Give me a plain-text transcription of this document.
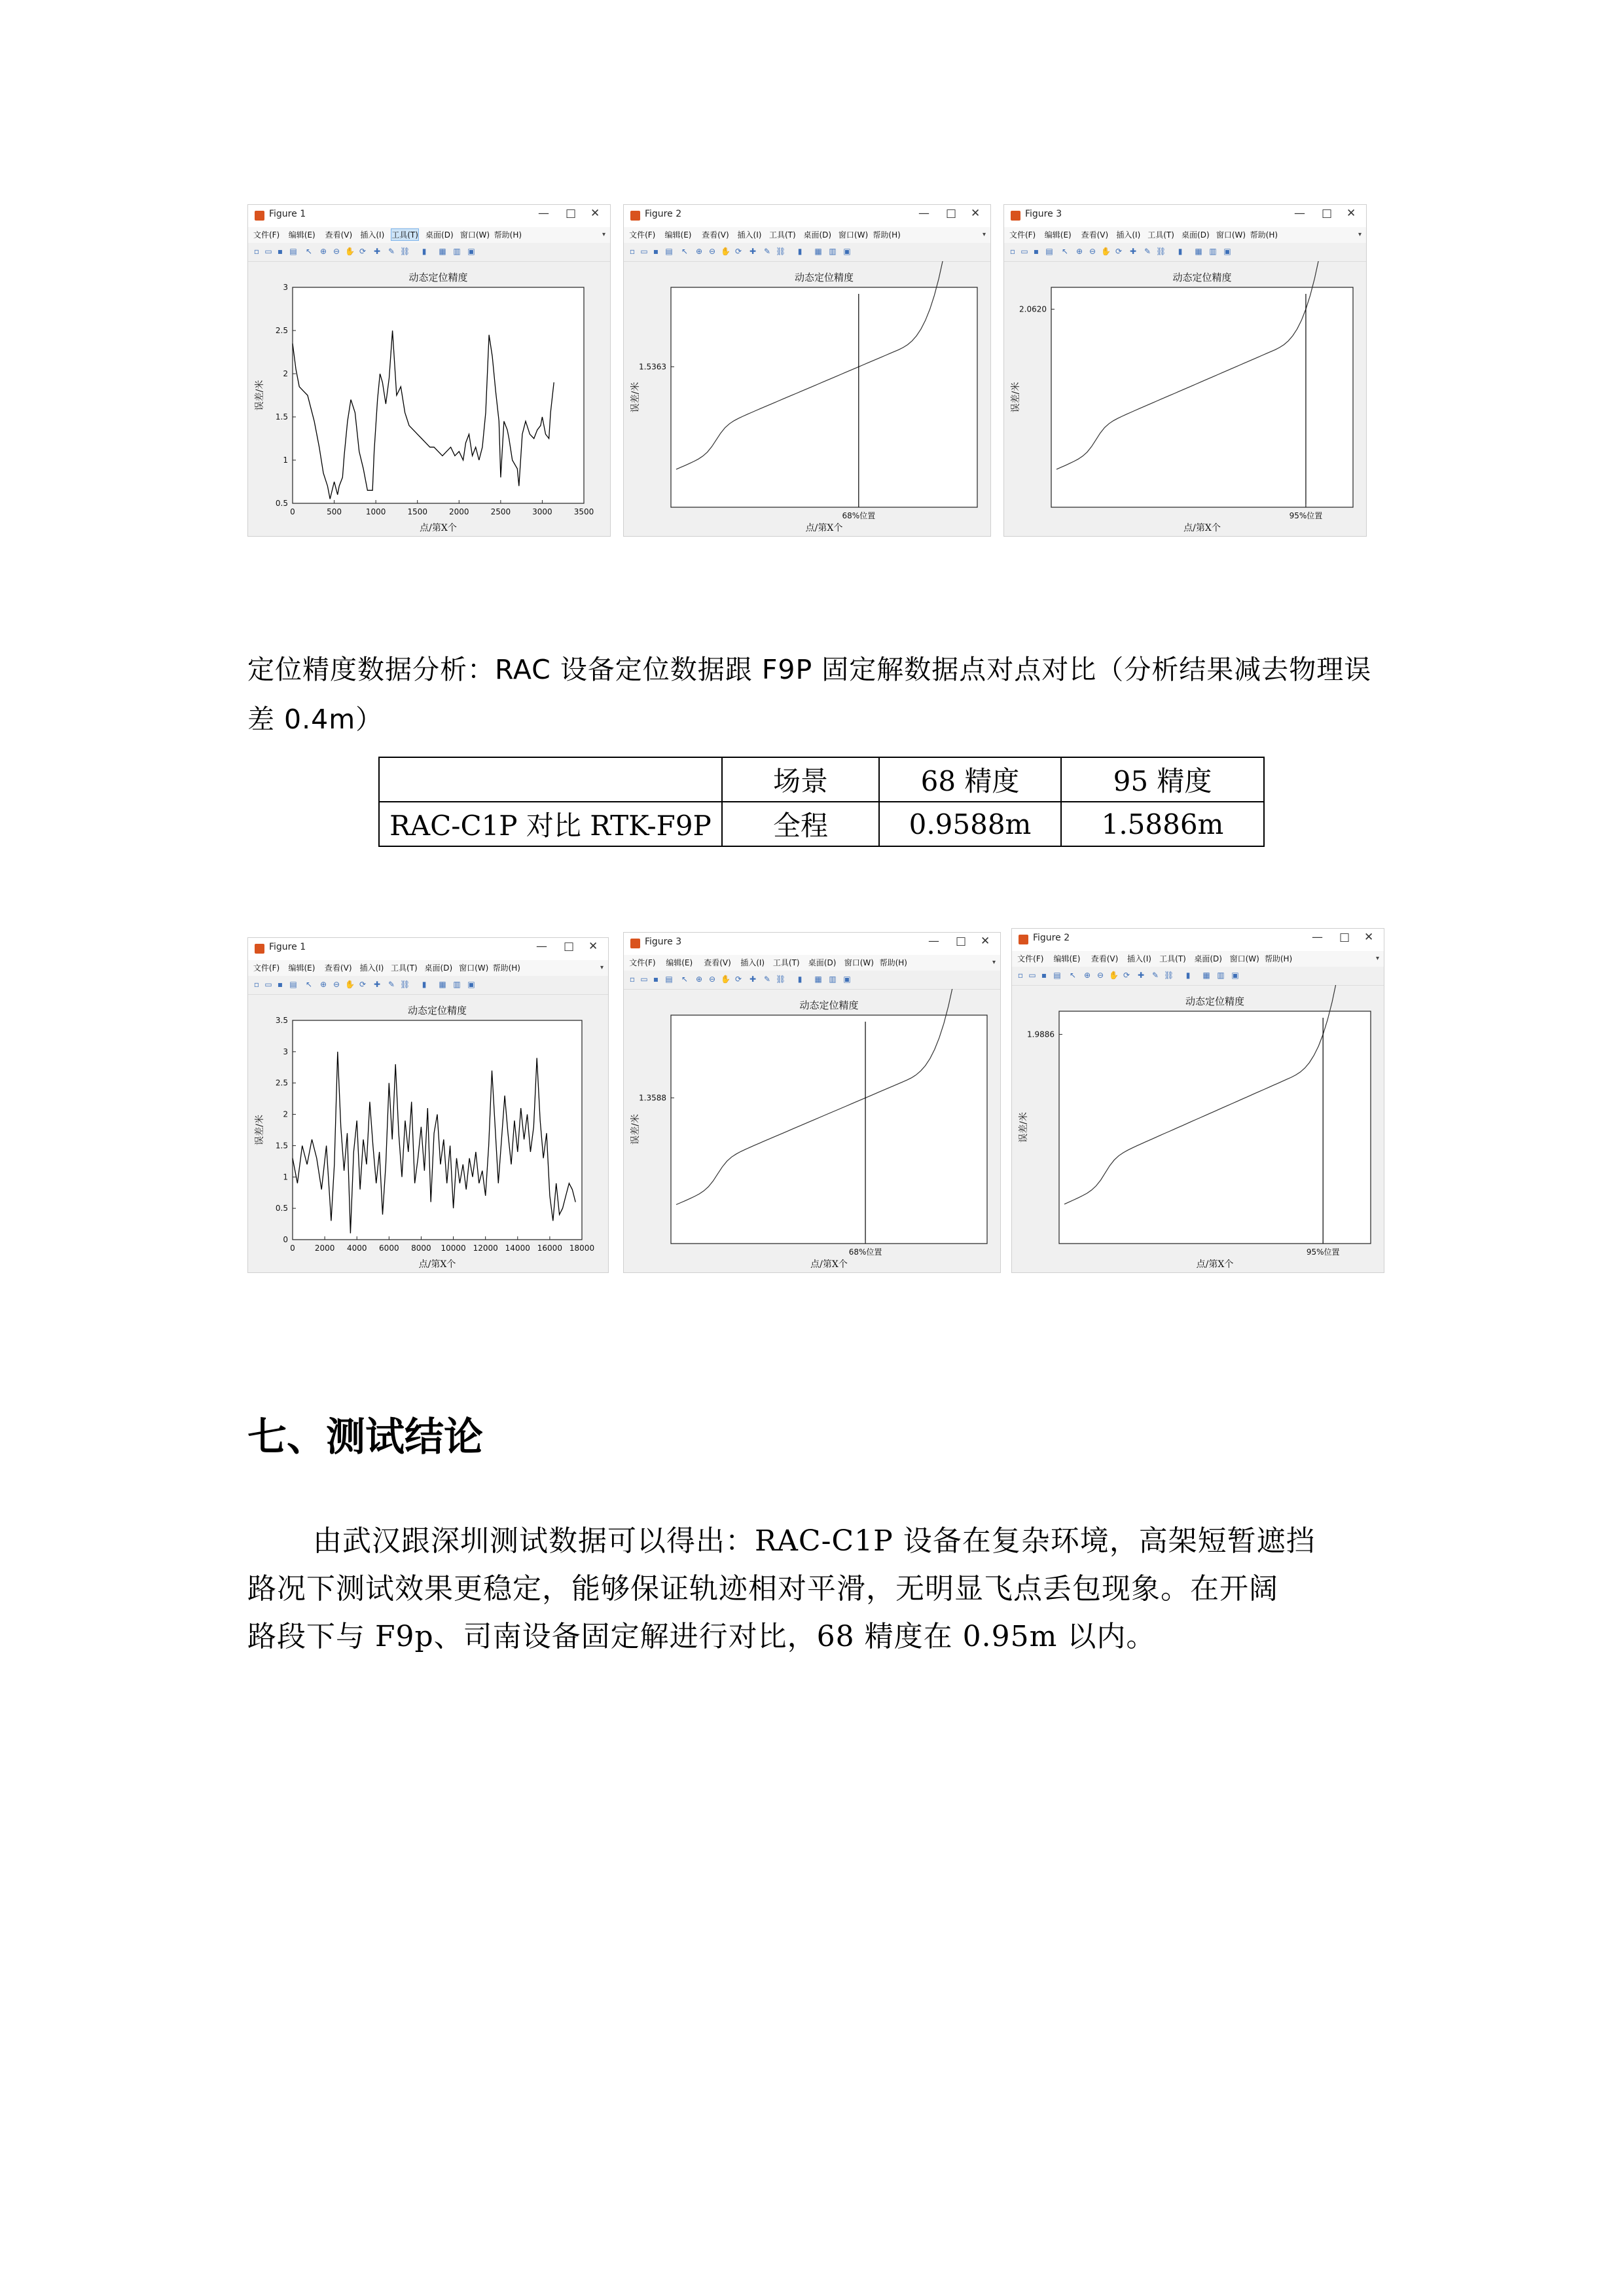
Figure 1	— □ ✕
文件(F) 编辑(E) 查看(V) 插入(I) 工具(T) 桌面(D) 窗口(W) 帮助(H)	▾
▫ ▭ ▪ ▤ ↖ ⊕ ⊖ ✋ ⟳ ✚ ✎ ⛓	▮	▦ ▥ ▣
动态定位精度
点/第X个
误差/米
0	500	1000	1500	2000	2500	3000	3500
0.5
1
1.5
2
2.5
3
Figure 2	— □ ✕
文件(F) 编辑(E) 查看(V) 插入(I) 工具(T) 桌面(D) 窗口(W) 帮助(H)	▾
▫ ▭ ▪ ▤ ↖ ⊕ ⊖ ✋ ⟳ ✚ ✎ ⛓	▮	▦ ▥ ▣
动态定位精度
点/第X个
误差/米
1.5363
68%位置
Figure 3	— □ ✕
文件(F) 编辑(E) 查看(V) 插入(I) 工具(T) 桌面(D) 窗口(W) 帮助(H)	▾
▫ ▭ ▪ ▤ ↖ ⊕ ⊖ ✋ ⟳ ✚ ✎ ⛓	▮	▦ ▥ ▣
动态定位精度
点/第X个
误差/米
2.0620
95%位置
定位精度数据分析：RAC 设备定位数据跟 F9P 固定解数据点对点对比（分析结果减去物理误
差 0.4m）
	场景	68 精度	95 精度
RAC-C1P 对比 RTK-F9P	全程	0.9588m	1.5886m
Figure 1	— □ ✕
文件(F) 编辑(E) 查看(V) 插入(I) 工具(T) 桌面(D) 窗口(W) 帮助(H)	▾
▫ ▭ ▪ ▤ ↖ ⊕ ⊖ ✋ ⟳ ✚ ✎ ⛓	▮	▦ ▥ ▣
动态定位精度
点/第X个
误差/米
0	2000 4000 6000 8000 10000 12000 14000 16000 18000
0
0.5
1
1.5
2
2.5
3
3.5
Figure 3	— □ ✕
文件(F) 编辑(E) 查看(V) 插入(I) 工具(T) 桌面(D) 窗口(W) 帮助(H)	▾
▫ ▭ ▪ ▤ ↖ ⊕ ⊖ ✋ ⟳ ✚ ✎ ⛓	▮	▦ ▥ ▣
动态定位精度
点/第X个
误差/米
1.3588
68%位置
Figure 2	— □ ✕
文件(F) 编辑(E) 查看(V) 插入(I) 工具(T) 桌面(D) 窗口(W) 帮助(H)	▾
▫ ▭ ▪ ▤ ↖ ⊕ ⊖ ✋ ⟳ ✚ ✎ ⛓	▮	▦ ▥ ▣
动态定位精度
点/第X个
误差/米
1.9886
95%位置
七、测试结论
由武汉跟深圳测试数据可以得出：RAC-C1P 设备在复杂环境，高架短暂遮挡
路况下测试效果更稳定，能够保证轨迹相对平滑，无明显飞点丢包现象。在开阔
路段下与 F9p、司南设备固定解进行对比，68 精度在 0.95m 以内。
